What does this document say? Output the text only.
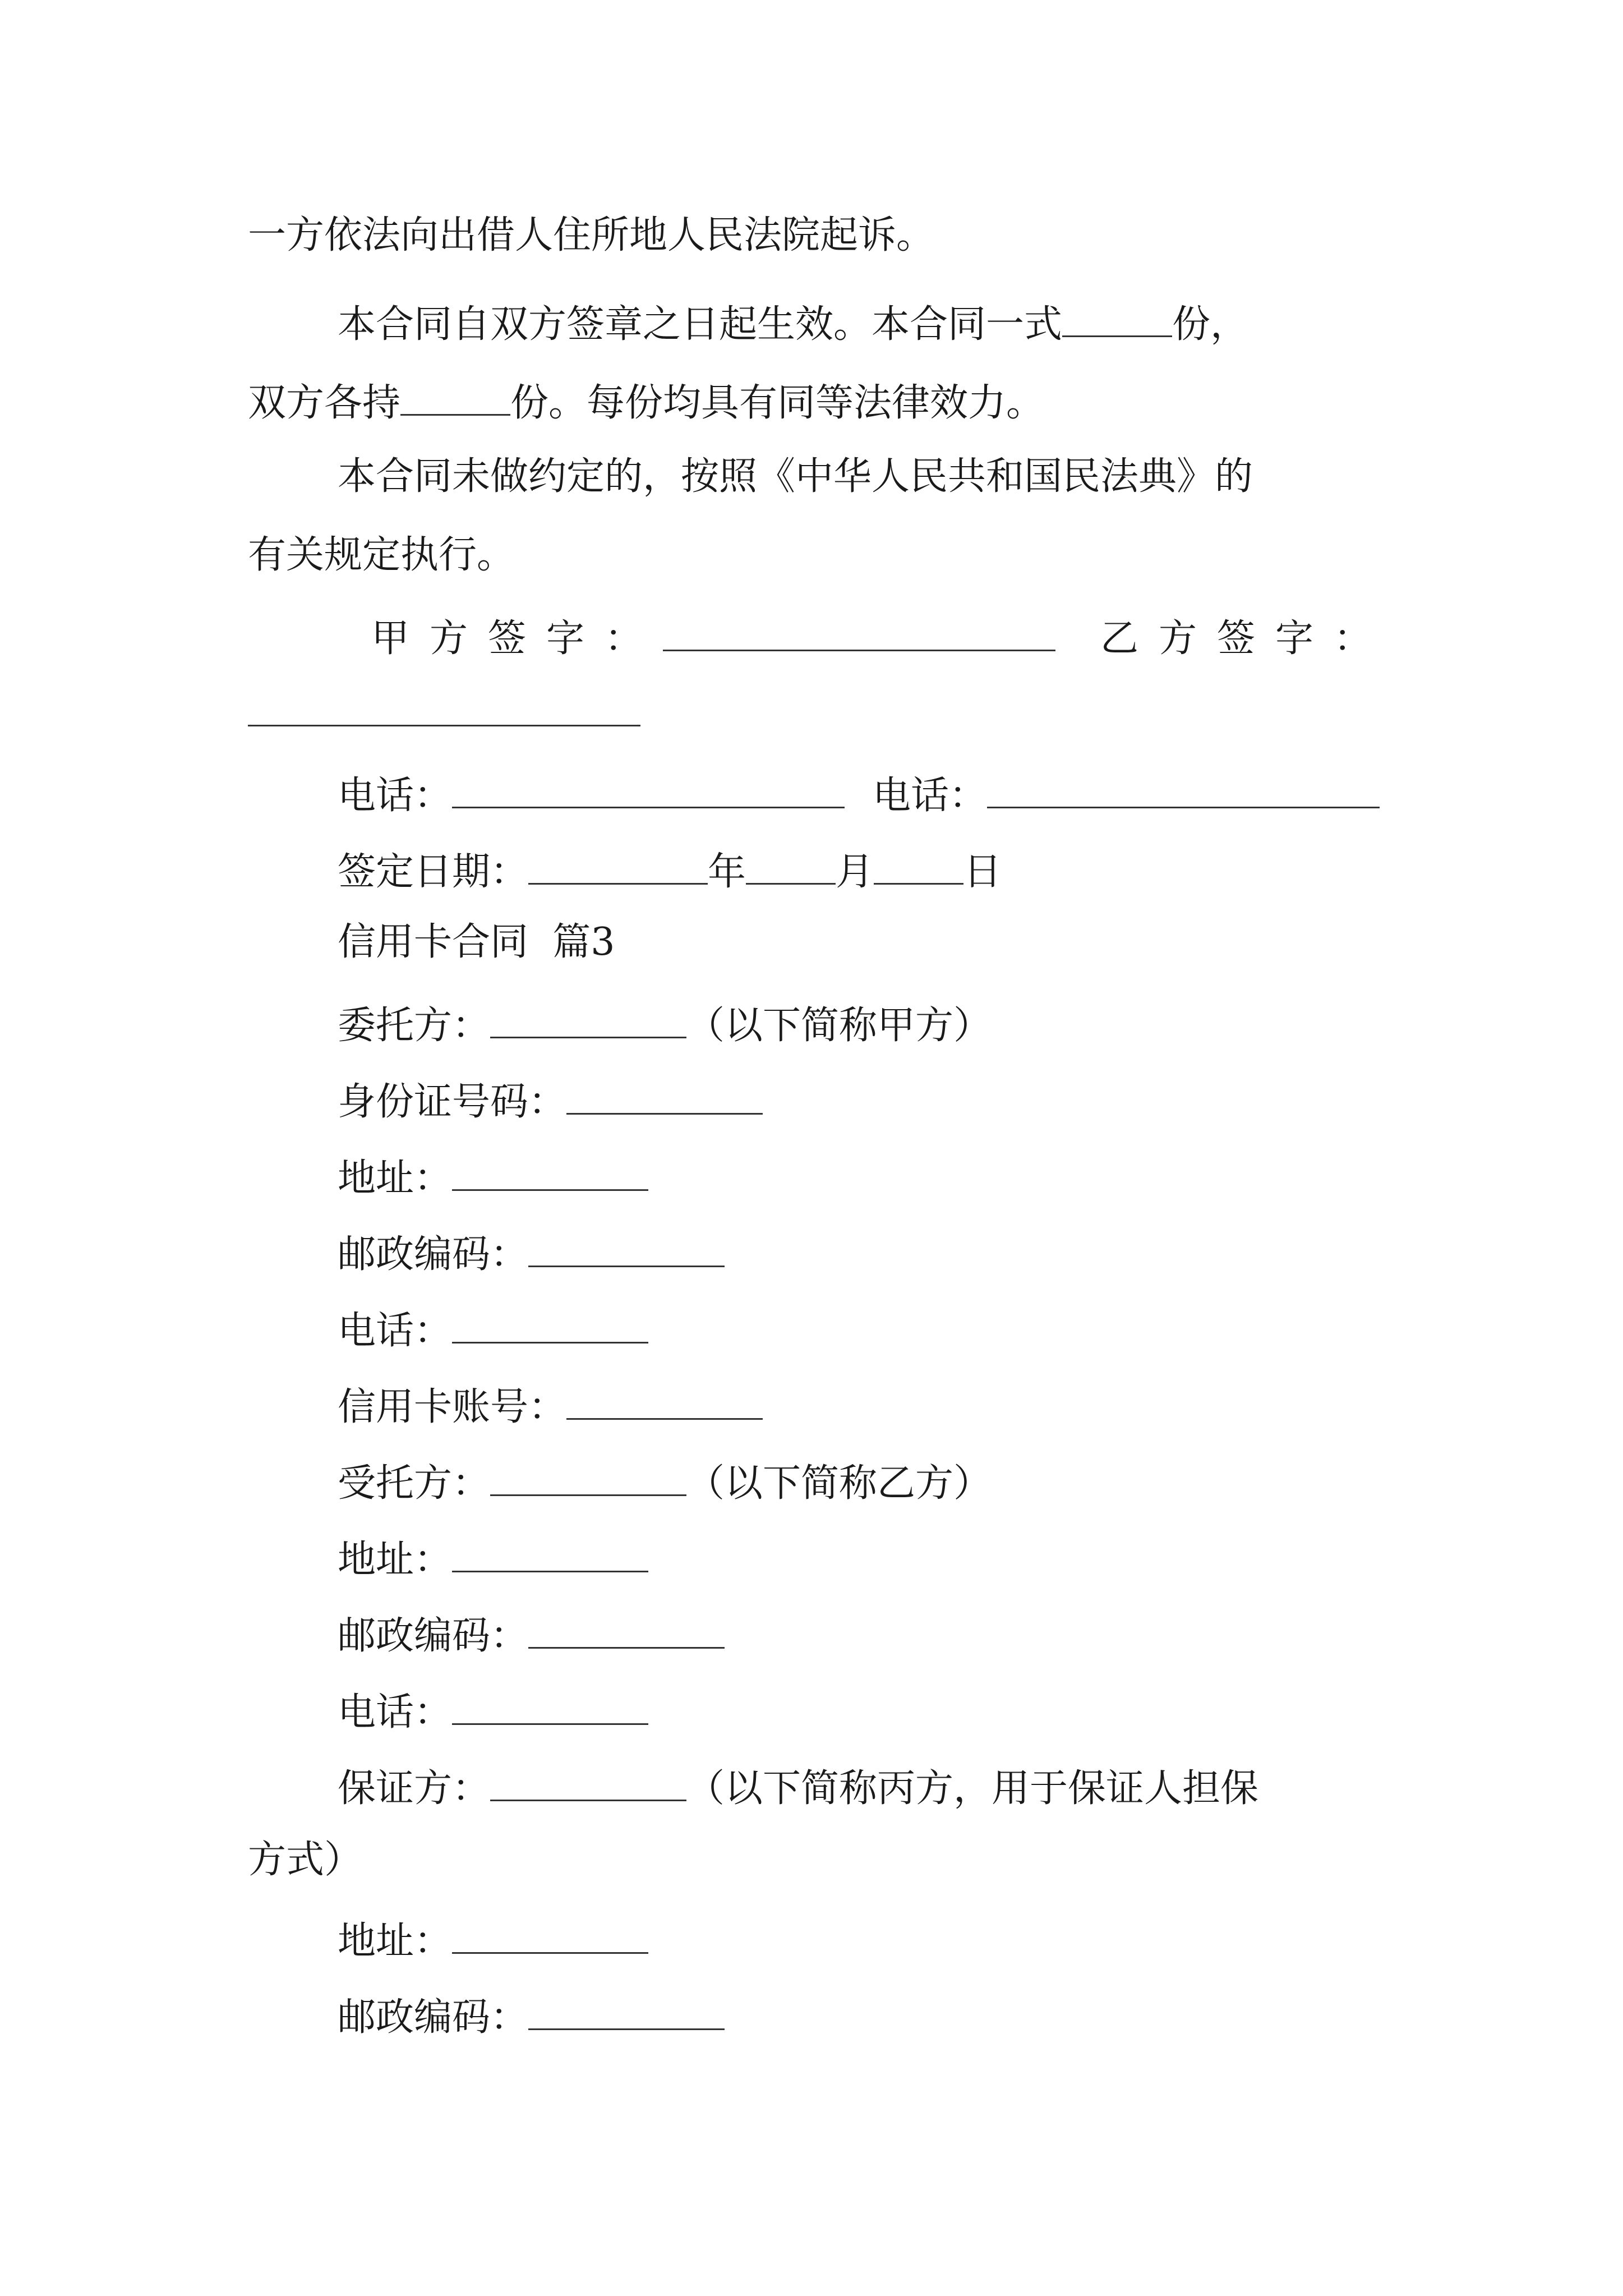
一方依法向出借人住所地人民法院起诉。
本合同自双方签章之日起生效。本合同一式	份，
双方各持	份。每份均具有同等法律效力。
本合同未做约定的，按照《中华人民共和国民法典》的
有关规定执行。
甲方签字：	乙方签字：
电话：	电话：
签定日期：	年 月 日
信用卡合同  篇3
委托方：	（以下简称甲方）
身份证号码：
地址：
邮政编码：
电话：
信用卡账号：
受托方：	（以下简称乙方）
地址：
邮政编码：
电话：
保证方：	（以下简称丙方，用于保证人担保
方式）
地址：
邮政编码：
